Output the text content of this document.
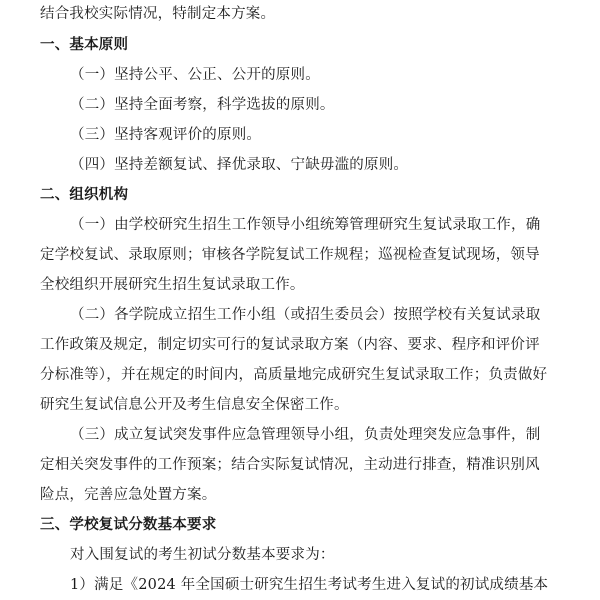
结合我校实际情况，特制定本方案。
一、基本原则
（一）坚持公平、公正、公开的原则。
（二）坚持全面考察，科学选拔的原则。
（三）坚持客观评价的原则。
（四）坚持差额复试、择优录取、宁缺毋滥的原则。
二、组织机构
（一）由学校研究生招生工作领导小组统筹管理研究生复试录取工作，确
定学校复试、录取原则；审核各学院复试工作规程；巡视检查复试现场，领导
全校组织开展研究生招生复试录取工作。
（二）各学院成立招生工作小组（或招生委员会）按照学校有关复试录取
工作政策及规定，制定切实可行的复试录取方案（内容、要求、程序和评价评
分标准等），并在规定的时间内，高质量地完成研究生复试录取工作；负责做好
研究生复试信息公开及考生信息安全保密工作。
（三）成立复试突发事件应急管理领导小组，负责处理突发应急事件，制
定相关突发事件的工作预案；结合实际复试情况，主动进行排查，精准识别风
险点，完善应急处置方案。
三、学校复试分数基本要求
对入围复试的考生初试分数基本要求为：
1）满足《2024 年全国硕士研究生招生考试考生进入复试的初试成绩基本
